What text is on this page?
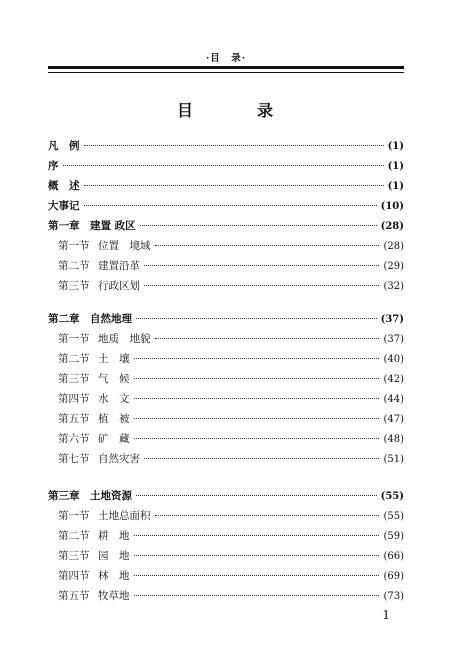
·目　录·
目　录
凡　例	(1)
序	(1)
概　述	(1)
大事记	(10)
第一章　建置 政区	(28)
第一节 位置　境域	(28)
第二节 建置沿革	(29)
第三节 行政区划	(32)
第二章　自然地理	(37)
第一节 地质　地貌	(37)
第二节 土　壤	(40)
第三节 气　候	(42)
第四节 水　文	(44)
第五节 植　被	(47)
第六节 矿　藏	(48)
第七节 自然灾害	(51)
第三章　土地资源	(55)
第一节 土地总面积	(55)
第二节 耕　地	(59)
第三节 园　地	(66)
第四节 林　地	(69)
第五节 牧草地	(73)
1
